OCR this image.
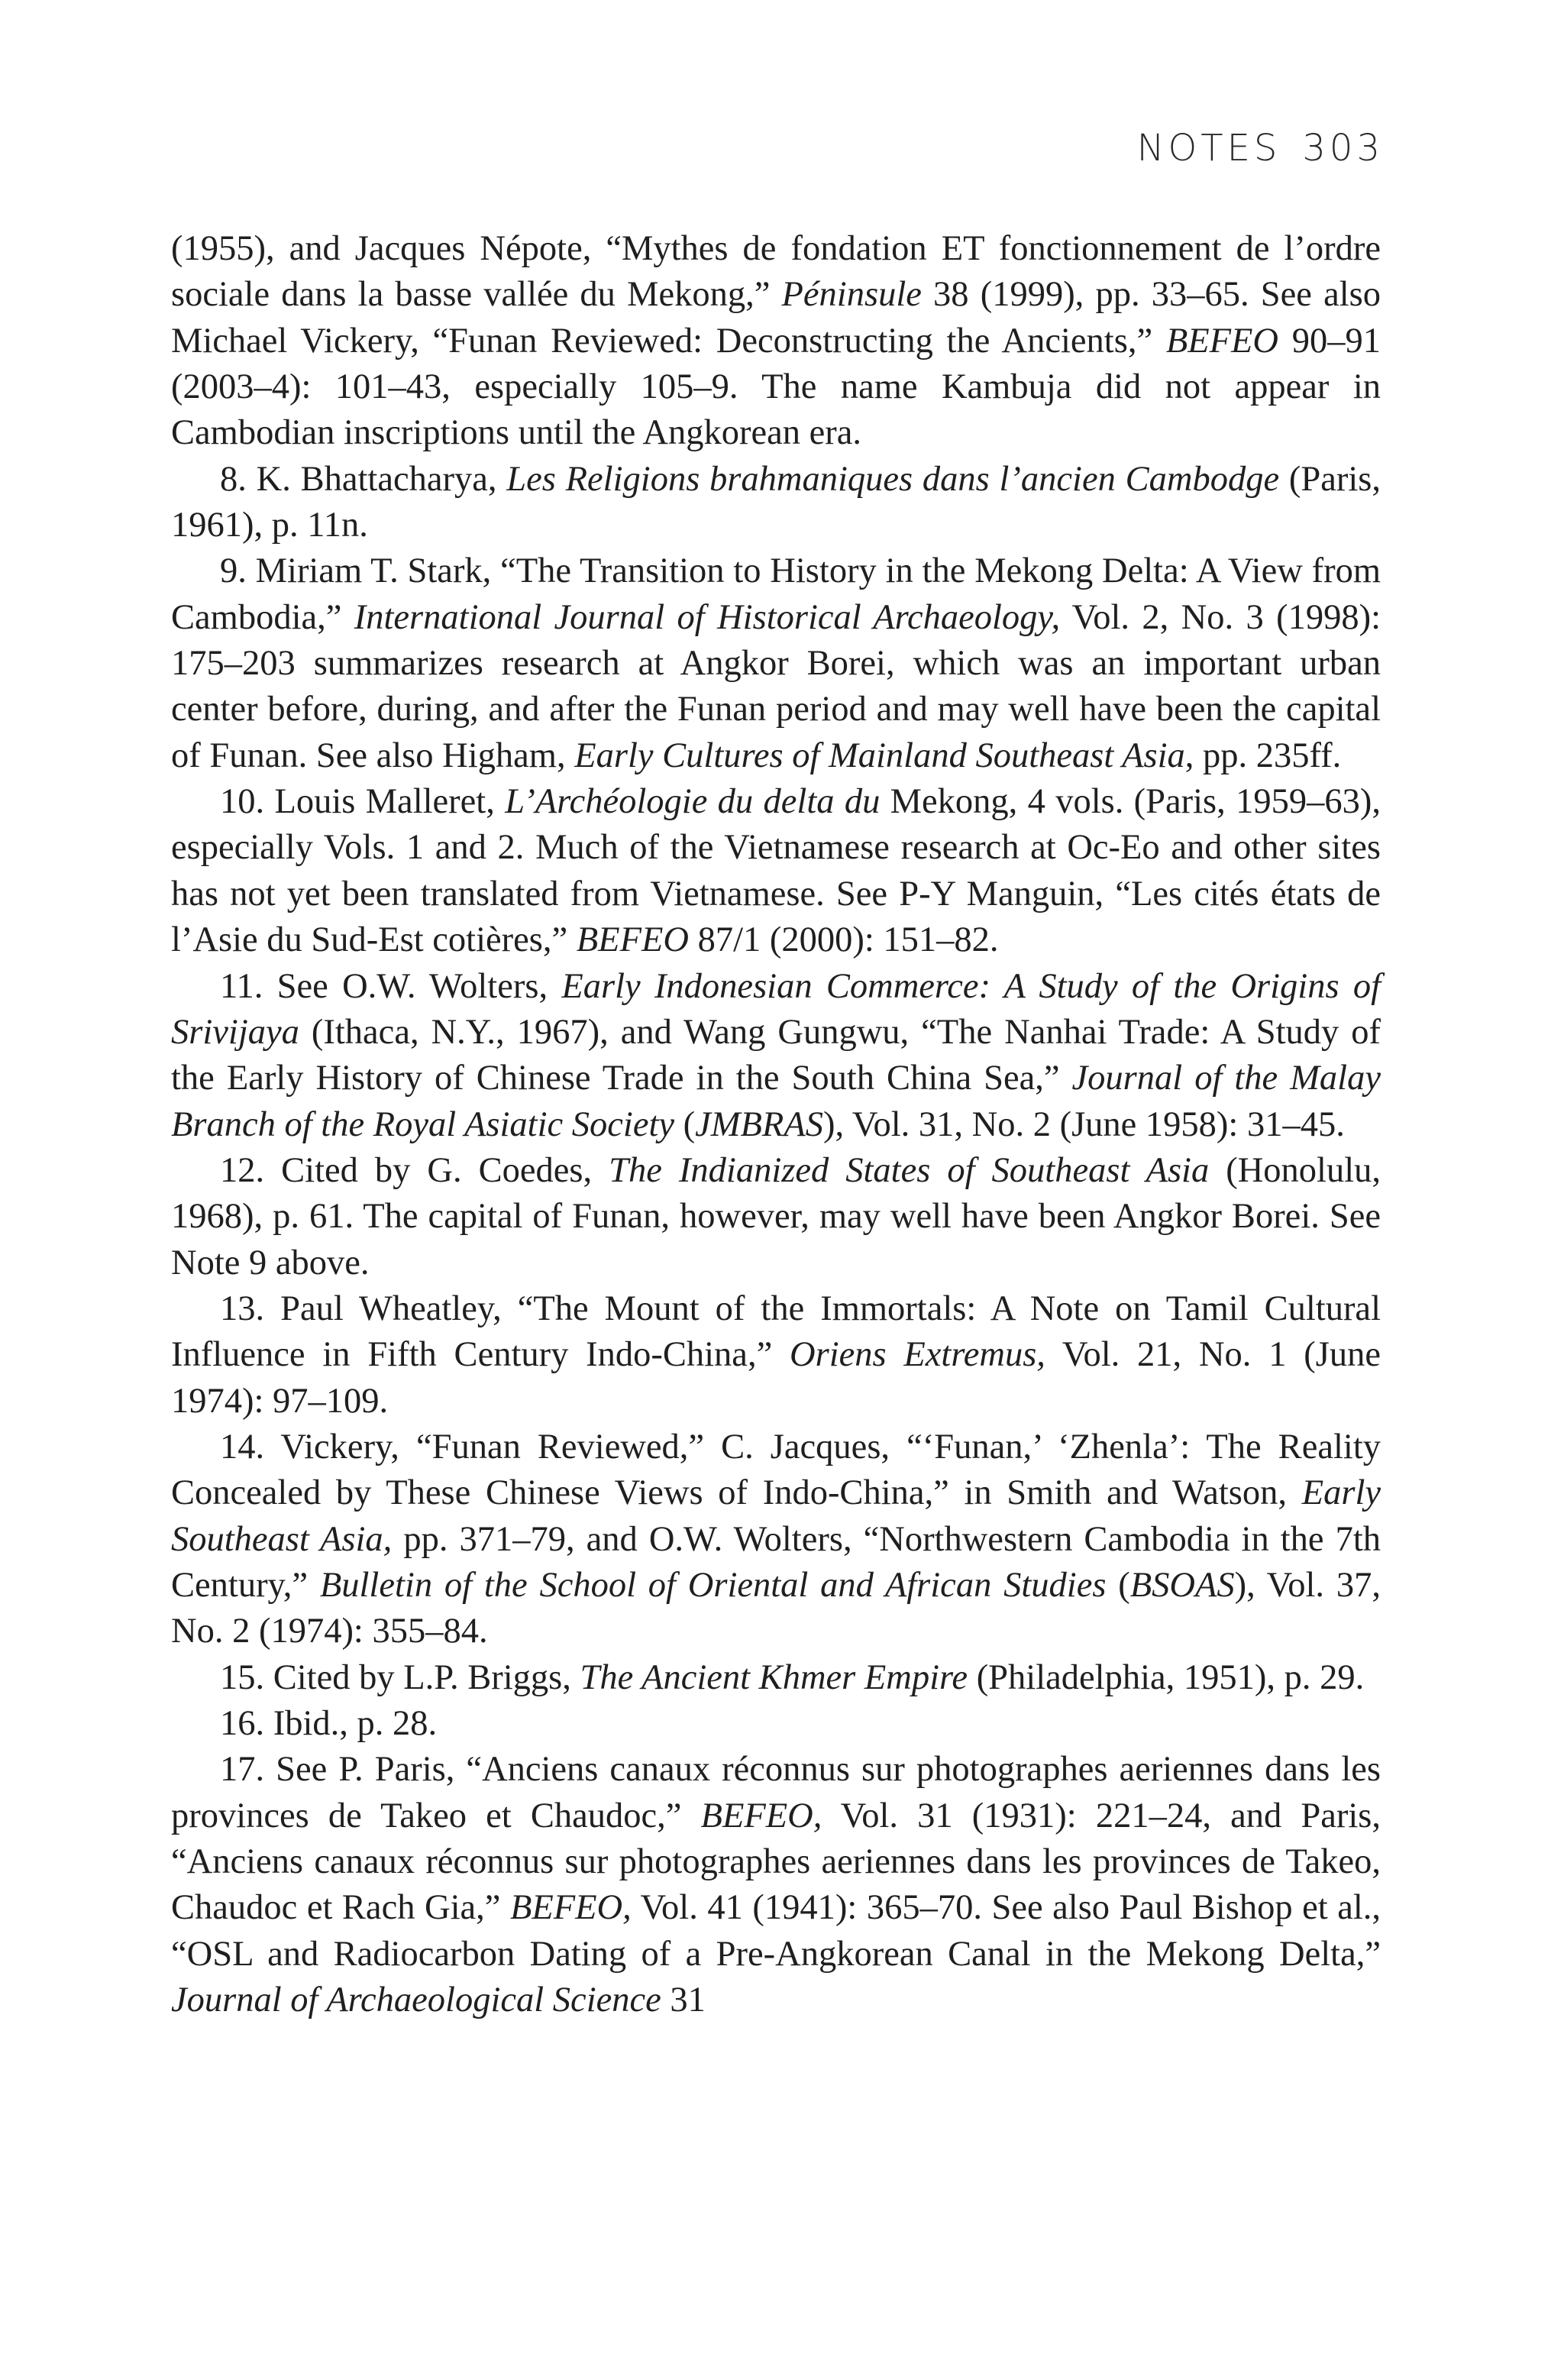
NOTES 303

(1955), and Jacques Népote, “Mythes de fondation ET fonctionnement de l’ordre sociale dans la basse vallée du Mekong,” Péninsule 38 (1999), pp. 33–65. See also Michael Vickery, “Funan Reviewed: Deconstructing the Ancients,” BEFEO 90–91 (2003–4): 101–43, especially 105–9. The name Kambuja did not appear in Cambodian inscriptions until the Angkorean era.

8. K. Bhattacharya, Les Religions brahmaniques dans l’ancien Cambodge (Paris, 1961), p. 11n.

9. Miriam T. Stark, “The Transition to History in the Mekong Delta: A View from Cambodia,” International Journal of Historical Archaeology, Vol. 2, No. 3 (1998): 175–203 summarizes research at Angkor Borei, which was an important urban center before, during, and after the Funan period and may well have been the capital of Funan. See also Higham, Early Cultures of Mainland Southeast Asia, pp. 235ff.

10. Louis Malleret, L’Archéologie du delta du Mekong, 4 vols. (Paris, 1959–63), especially Vols. 1 and 2. Much of the Vietnamese research at Oc-Eo and other sites has not yet been translated from Vietnamese. See P-Y Manguin, “Les cités états de l’Asie du Sud-Est cotières,” BEFEO 87/1 (2000): 151–82.

11. See O.W. Wolters, Early Indonesian Commerce: A Study of the Origins of Srivijaya (Ithaca, N.Y., 1967), and Wang Gungwu, “The Nanhai Trade: A Study of the Early History of Chinese Trade in the South China Sea,” Journal of the Malay Branch of the Royal Asiatic Society (JMBRAS), Vol. 31, No. 2 (June 1958): 31–45.

12. Cited by G. Coedes, The Indianized States of Southeast Asia (Honolulu, 1968), p. 61. The capital of Funan, however, may well have been Angkor Borei. See Note 9 above.

13. Paul Wheatley, “The Mount of the Immortals: A Note on Tamil Cultural Influence in Fifth Century Indo-China,” Oriens Extremus, Vol. 21, No. 1 (June 1974): 97–109.

14. Vickery, “Funan Reviewed,” C. Jacques, “‘Funan,’ ‘Zhenla’: The Reality Concealed by These Chinese Views of Indo-China,” in Smith and Watson, Early Southeast Asia, pp. 371–79, and O.W. Wolters, “Northwestern Cambodia in the 7th Century,” Bulletin of the School of Oriental and African Studies (BSOAS), Vol. 37, No. 2 (1974): 355–84.

15. Cited by L.P. Briggs, The Ancient Khmer Empire (Philadelphia, 1951), p. 29.

16. Ibid., p. 28.

17. See P. Paris, “Anciens canaux réconnus sur photographes aeriennes dans les provinces de Takeo et Chaudoc,” BEFEO, Vol. 31 (1931): 221–24, and Paris, “Anciens canaux réconnus sur photographes aeriennes dans les provinces de Takeo, Chaudoc et Rach Gia,” BEFEO, Vol. 41 (1941): 365–70. See also Paul Bishop et al., “OSL and Radiocarbon Dating of a Pre-Angkorean Canal in the Mekong Delta,” Journal of Archaeological Science 31
